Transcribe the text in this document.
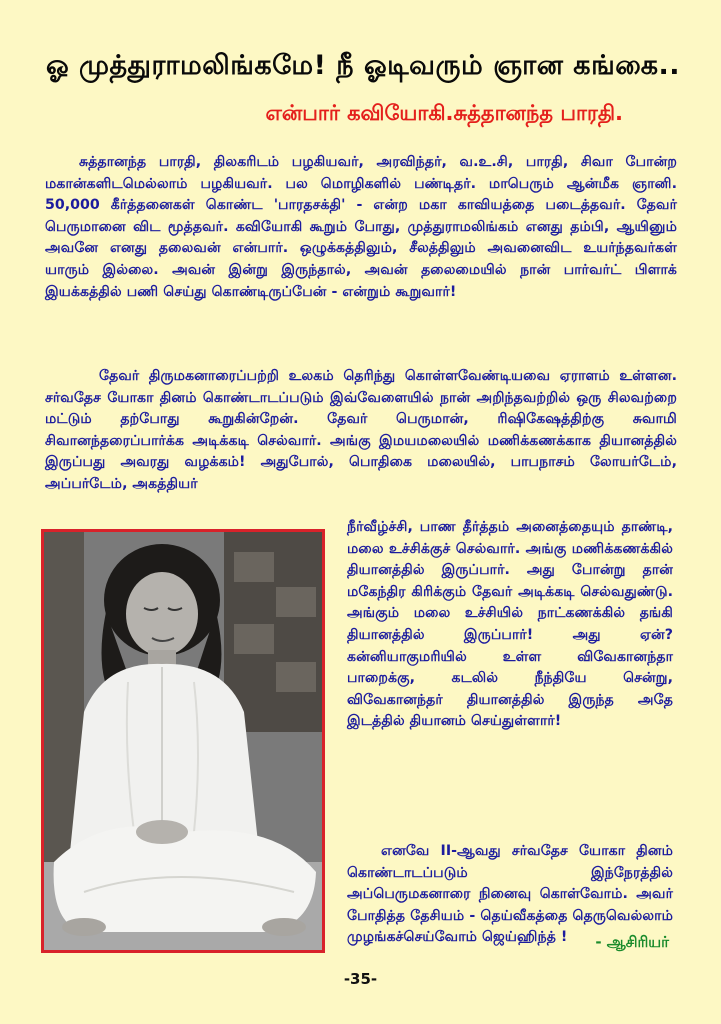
ஓ முத்துராமலிங்கமே! நீ ஓடிவரும் ஞான கங்கை..
என்பார் கவியோகி.சுத்தானந்த பாரதி.
சுத்தானந்த பாரதி, திலகரிடம் பழகியவர், அரவிந்தர், வ.உ.சி, பாரதி, சிவா போன்ற மகான்களிடமெல்லாம் பழகியவர். பல மொழிகளில் பண்டிதர். மாபெரும் ஆன்மீக ஞானி. 50,000 கீர்த்தனைகள் கொண்ட 'பாரதசக்தி' - என்ற மகா காவியத்தை படைத்தவர். தேவர் பெருமானை விட மூத்தவர். கவியோகி கூறும் போது, முத்துராமலிங்கம் எனது தம்பி, ஆயினும் அவனே எனது தலைவன் என்பார். ஒழுக்கத்திலும், சீலத்திலும் அவனைவிட உயர்ந்தவர்கள் யாரும் இல்லை. அவன் இன்று இருந்தால், அவன் தலைமையில் நான் பார்வர்ட் பிளாக் இயக்கத்தில் பணி செய்து கொண்டிருப்பேன் - என்றும் கூறுவார்!
தேவர் திருமகனாரைப்பற்றி உலகம் தெரிந்து கொள்ளவேண்டியவை ஏராளம் உள்ளன. சர்வதேச யோகா தினம் கொண்டாடப்படும் இவ்வேளையில் நான் அறிந்தவற்றில் ஒரு சிலவற்றை மட்டும் தற்போது கூறுகின்றேன். தேவர் பெருமான், ரிஷிகேஷத்திற்கு சுவாமி சிவானந்தரைப்பார்க்க அடிக்கடி செல்வார். அங்கு இமயமலையில் மணிக்கணக்காக தியானத்தில் இருப்பது அவரது வழக்கம்! அதுபோல், பொதிகை மலையில், பாபநாசம் லோயர்டேம், அப்பர்டேம், அகத்தியர்
நீர்வீழ்ச்சி, பாண தீர்த்தம் அனைத்தையும் தாண்டி, மலை உச்சிக்குச் செல்வார். அங்கு மணிக்கணக்கில் தியானத்தில் இருப்பார். அது போன்று தான் மகேந்திர கிரிக்கும் தேவர் அடிக்கடி செல்வதுண்டு. அங்கும் மலை உச்சியில் நாட்கணக்கில் தங்கி தியானத்தில் இருப்பார்! அது ஏன்? கன்னியாகுமரியில் உள்ள விவேகானந்தா பாறைக்கு, கடலில் நீந்தியே சென்று, விவேகானந்தர் தியானத்தில் இருந்த அதே இடத்தில் தியானம் செய்துள்ளார்!
எனவே II-ஆவது சர்வதேச யோகா தினம் கொண்டாடப்படும் இந்நேரத்தில் அப்பெருமகனாரை நினைவு கொள்வோம். அவர் போதித்த தேசியம் - தெய்வீகத்தை தெருவெல்லாம் முழங்கச்செய்வோம் ஜெய்ஹிந்த் !	- ஆசிரியர்
-35-
